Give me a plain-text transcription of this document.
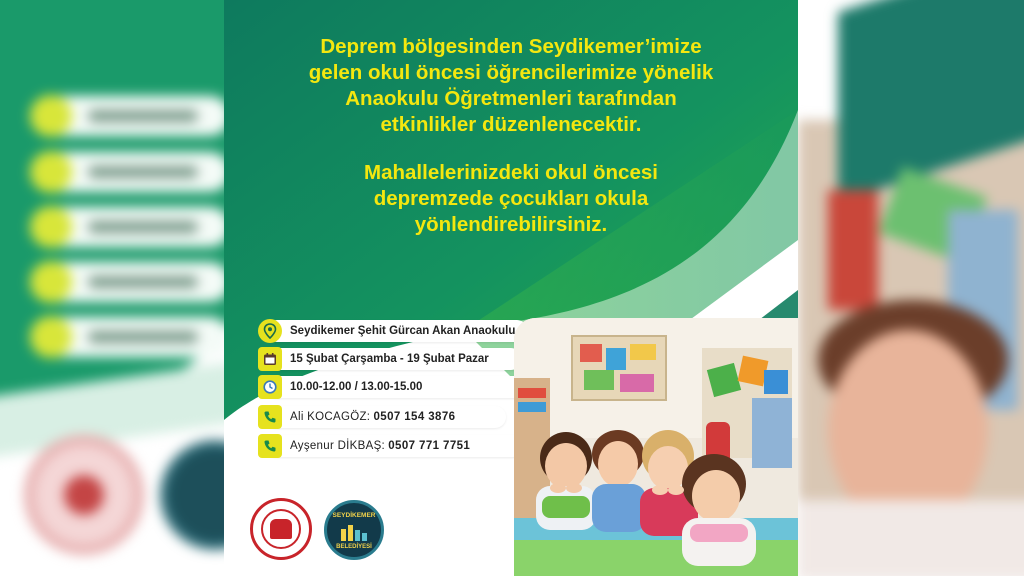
Deprem bölgesinden Seydikemer’imize
gelen okul öncesi öğrencilerimize yönelik
Anaokulu Öğretmenleri tarafından
etkinlikler düzenlenecektir.
Mahallelerinizdeki okul öncesi
depremzede çocukları okula
yönlendirebilirsiniz.
Seydikemer Şehit Gürcan Akan Anaokulu
15 Şubat Çarşamba - 19 Şubat Pazar
10.00-12.00 / 13.00-15.00
Ali KOCAGÖZ: 0507 154 3876
Ayşenur DİKBAŞ: 0507 771 7751
SEYDİKEMER
BELEDİYESİ
